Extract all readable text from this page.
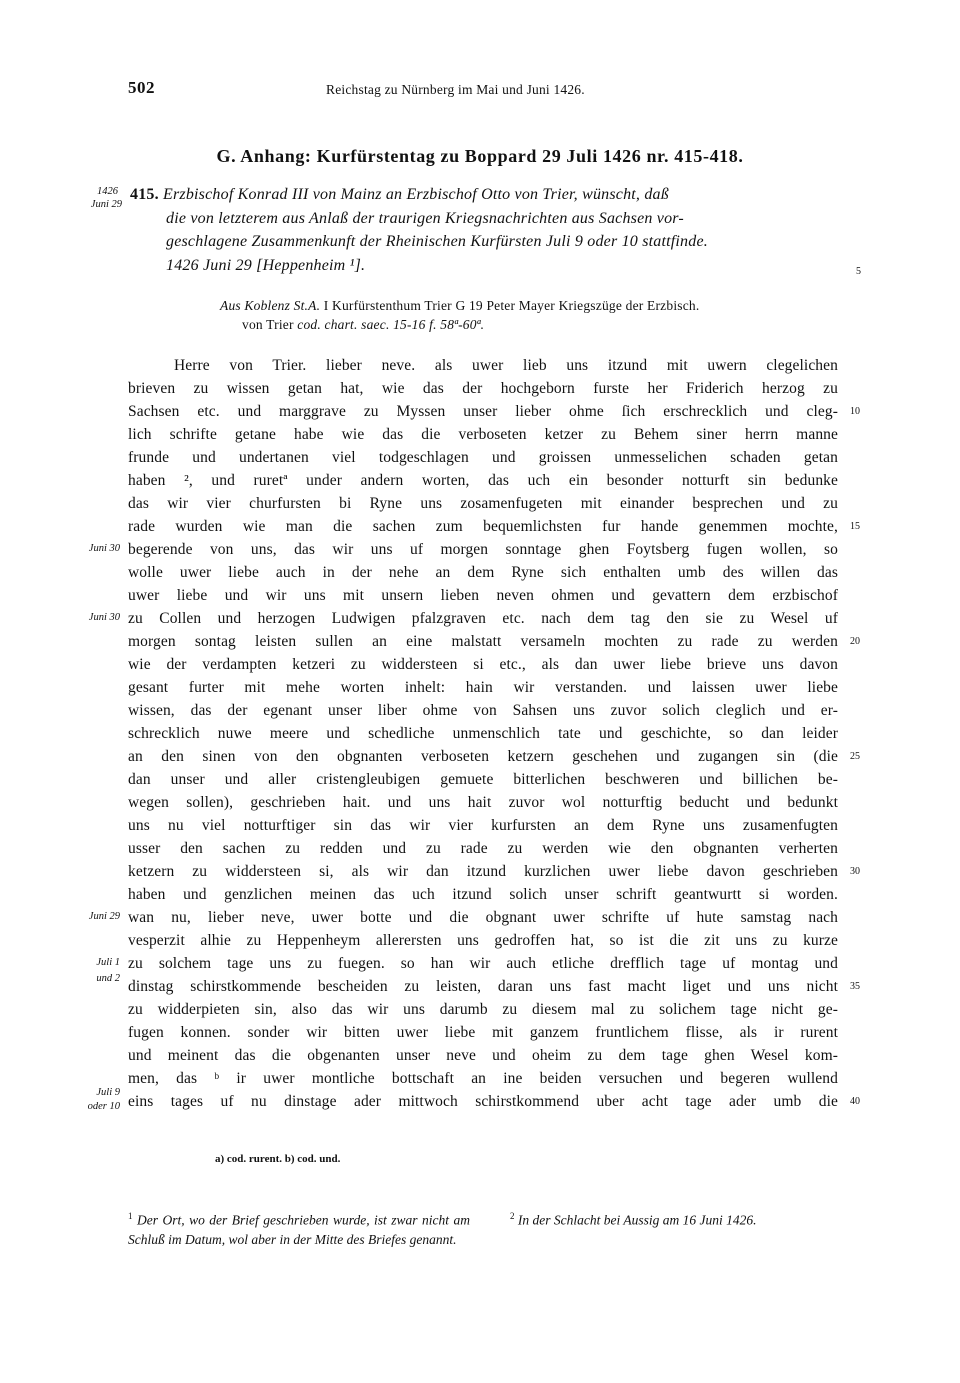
502	Reichstag zu Nürnberg im Mai und Juni 1426.
G. Anhang: Kurfürstentag zu Boppard 29 Juli 1426 nr. 415-418.
1426
Juni 29
415. Erzbischof Konrad III von Mainz an Erzbischof Otto von Trier, wünscht, daß
die von letzterem aus Anlaß der traurigen Kriegsnachrichten aus Sachsen vor-
geschlagene Zusammenkunft der Rheinischen Kurfürsten Juli 9 oder 10 stattfinde.
1426 Juni 29 [Heppenheim ¹].	5
Aus Koblenz St.A. I Kurfürstenthum Trier G 19 Peter Mayer Kriegszüge der Erzbisch.
von Trier cod. chart. saec. 15-16 f. 58ª-60ª.
Herre von Trier. lieber neve. als uwer lieb uns itzund mit uwern clegelichen
brieven zu wissen getan hat, wie das der hochgeborn furste her Friderich herzog zu
Sachsen etc. und marggrave zu Myssen unser lieber ohme ſich erschrecklich und cleg-
lich schrifte getane habe wie das die verboseten ketzer zu Behem siner herrn manne
frunde und undertanen viel todgeschlagen und groissen unmesselichen schaden getan
haben ², und ruretª under andern worten, das uch ein besonder notturft sin bedunke
das wir vier churfursten bi Ryne uns zosamenfugeten mit einander besprechen und zu
rade wurden wie man die sachen zum bequemlichsten fur hande genemmen mochte,
begerende von uns, das wir uns uf morgen sonntage ghen Foytsberg fugen wollen, so
wolle uwer liebe auch in der nehe an dem Ryne sich enthalten umb des willen das
uwer liebe und wir uns mit unsern lieben neven ohmen und gevattern dem erzbischof
zu Collen und herzogen Ludwigen pfalzgraven etc. nach dem tag den sie zu Wesel uf
morgen sontag leisten sullen an eine malstatt versameln mochten zu rade zu werden
wie der verdampten ketzeri zu widdersteen si etc., als dan uwer liebe brieve uns davon
gesant furter mit mehe worten inhelt: hain wir verstanden. und laissen uwer liebe
wissen, das der egenant unser liber ohme von Sahsen uns zuvor solich cleglich und er-
schrecklich nuwe meere und schedliche unmenschlich tate und geschichte, so dan leider
an den sinen von den obgnanten verboseten ketzern geschehen und zugangen sin (die
dan unser und aller cristengleubigen gemuete bitterlichen beschweren und billichen be-
wegen sollen), geschrieben hait. und uns hait zuvor wol notturftig beducht und bedunkt
uns nu viel notturftiger sin das wir vier kurfursten an dem Ryne uns zusamenfugten
usser den sachen zu redden und zu rade zu werden wie den obgnanten verherten
ketzern zu widdersteen si, als wir dan itzund kurzlichen uwer liebe davon geschrieben
haben und genzlichen meinen das uch itzund solich unser schrift geantwurtt si worden.
wan nu, lieber neve, uwer botte und die obgnant uwer schrifte uf hute samstag nach
vesperzit alhie zu Heppenheym allerersten uns gedroffen hat, so ist die zit uns zu kurze
zu solchem tage uns zu fuegen. so han wir auch etliche drefflich tage uf montag und
dinstag schirstkommende bescheiden zu leisten, daran uns fast macht liget und uns nicht
zu widderpieten sin, also das wir uns darumb zu diesem mal zu solichem tage nicht ge-
fugen konnen. sonder wir bitten uwer liebe mit ganzem fruntlichem flisse, als ir rurent
und meinent das die obgenanten unser neve und oheim zu dem tage ghen Wesel kom-
men, das ᵇ ir uwer montliche bottschaft an ine beiden versuchen und begeren wullend
eins tages uf nu dinstage ader mittwoch schirstkommend uber acht tage ader umb die
Juni 30
Juni 30
Juni 29
Juli 1
und 2
Juli 9
oder 10
10
15
20
25
30
35
40
a) cod. rurent. b) cod. und.
$^1$ Der Ort, wo der Brief geschrieben wurde, ist zwar nicht am Schluß im Datum, wol aber in der Mitte des Briefes genannt.
$^2$ In der Schlacht bei Aussig am 16 Juni 1426.
